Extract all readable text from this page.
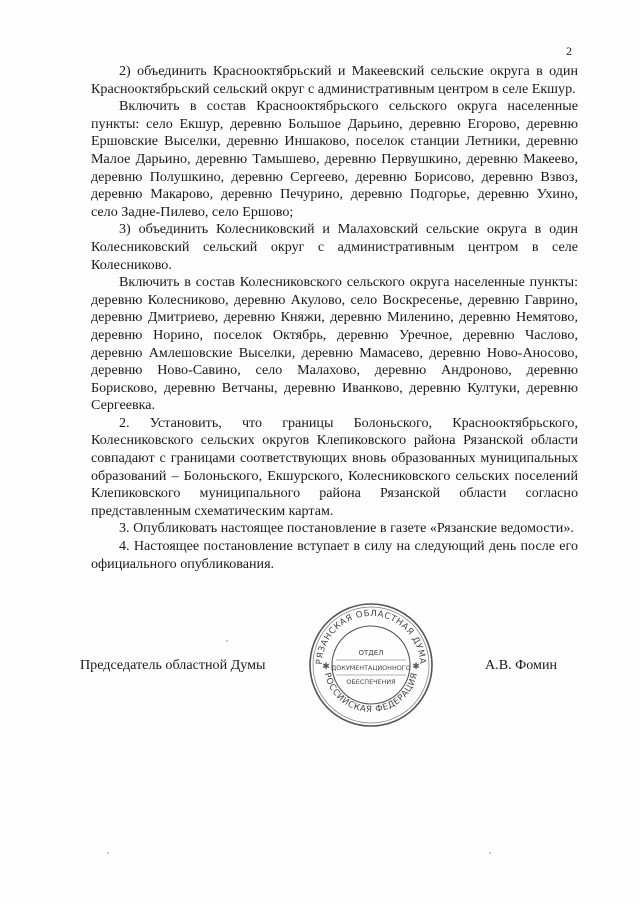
2

2) объединить Краснооктябрьский и Макеевский сельские округа в один Краснооктябрьский сельский округ с административным центром в селе Екшур.

Включить в состав Краснооктябрьского сельского округа населенные пункты: село Екшур, деревню Большое Дарьино, деревню Егорово, деревню Ершовские Выселки, деревню Иншаково, поселок станции Летники, деревню Малое Дарьино, деревню Тамышево, деревню Первушкино, деревню Макеево, деревню Полушкино, деревню Сергеево, деревню Борисово, деревню Взвоз, деревню Макарово, деревню Печурино, деревню Подгорье, деревню Ухино, село Задне-Пилево, село Ершово;

3) объединить Колесниковский и Малаховский сельские округа в один Колесниковский сельский округ с административным центром в селе Колесниково.

Включить в состав Колесниковского сельского округа населенные пункты: деревню Колесниково, деревню Акулово, село Воскресенье, деревню Гаврино, деревню Дмитриево, деревню Княжи, деревню Миленино, деревню Немятово, деревню Норино, поселок Октябрь, деревню Уречное, деревню Часлово, деревню Амлешовские Выселки, деревню Мамасево, деревню Ново-Аносово, деревню Ново-Савино, село Малахово, деревню Андроново, деревню Борисково, деревню Ветчаны, деревню Иванково, деревню Култуки, деревню Сергеевка.

2. Установить, что границы Болоньского, Краснооктябрьского, Колесниковского сельских округов Клепиковского района Рязанской области совпадают с границами соответствующих вновь образованных муниципальных образований – Болоньского, Екшурского, Колесниковского сельских поселений Клепиковского муниципального района Рязанской области согласно представленным схематическим картам.

3. Опубликовать настоящее постановление в газете «Рязанские ведомости».

4. Настоящее постановление вступает в силу на следующий день после его официального опубликования.

Председатель областной Думы	А.В. Фомин
РЯЗАНСКАЯ ОБЛАСТНАЯ ДУМА
РОССИЙСКАЯ ФЕДЕРАЦИЯ
✱	✱
ОТДЕЛ
ДОКУМЕНТАЦИОННОГО
ОБЕСПЕЧЕНИЯ
